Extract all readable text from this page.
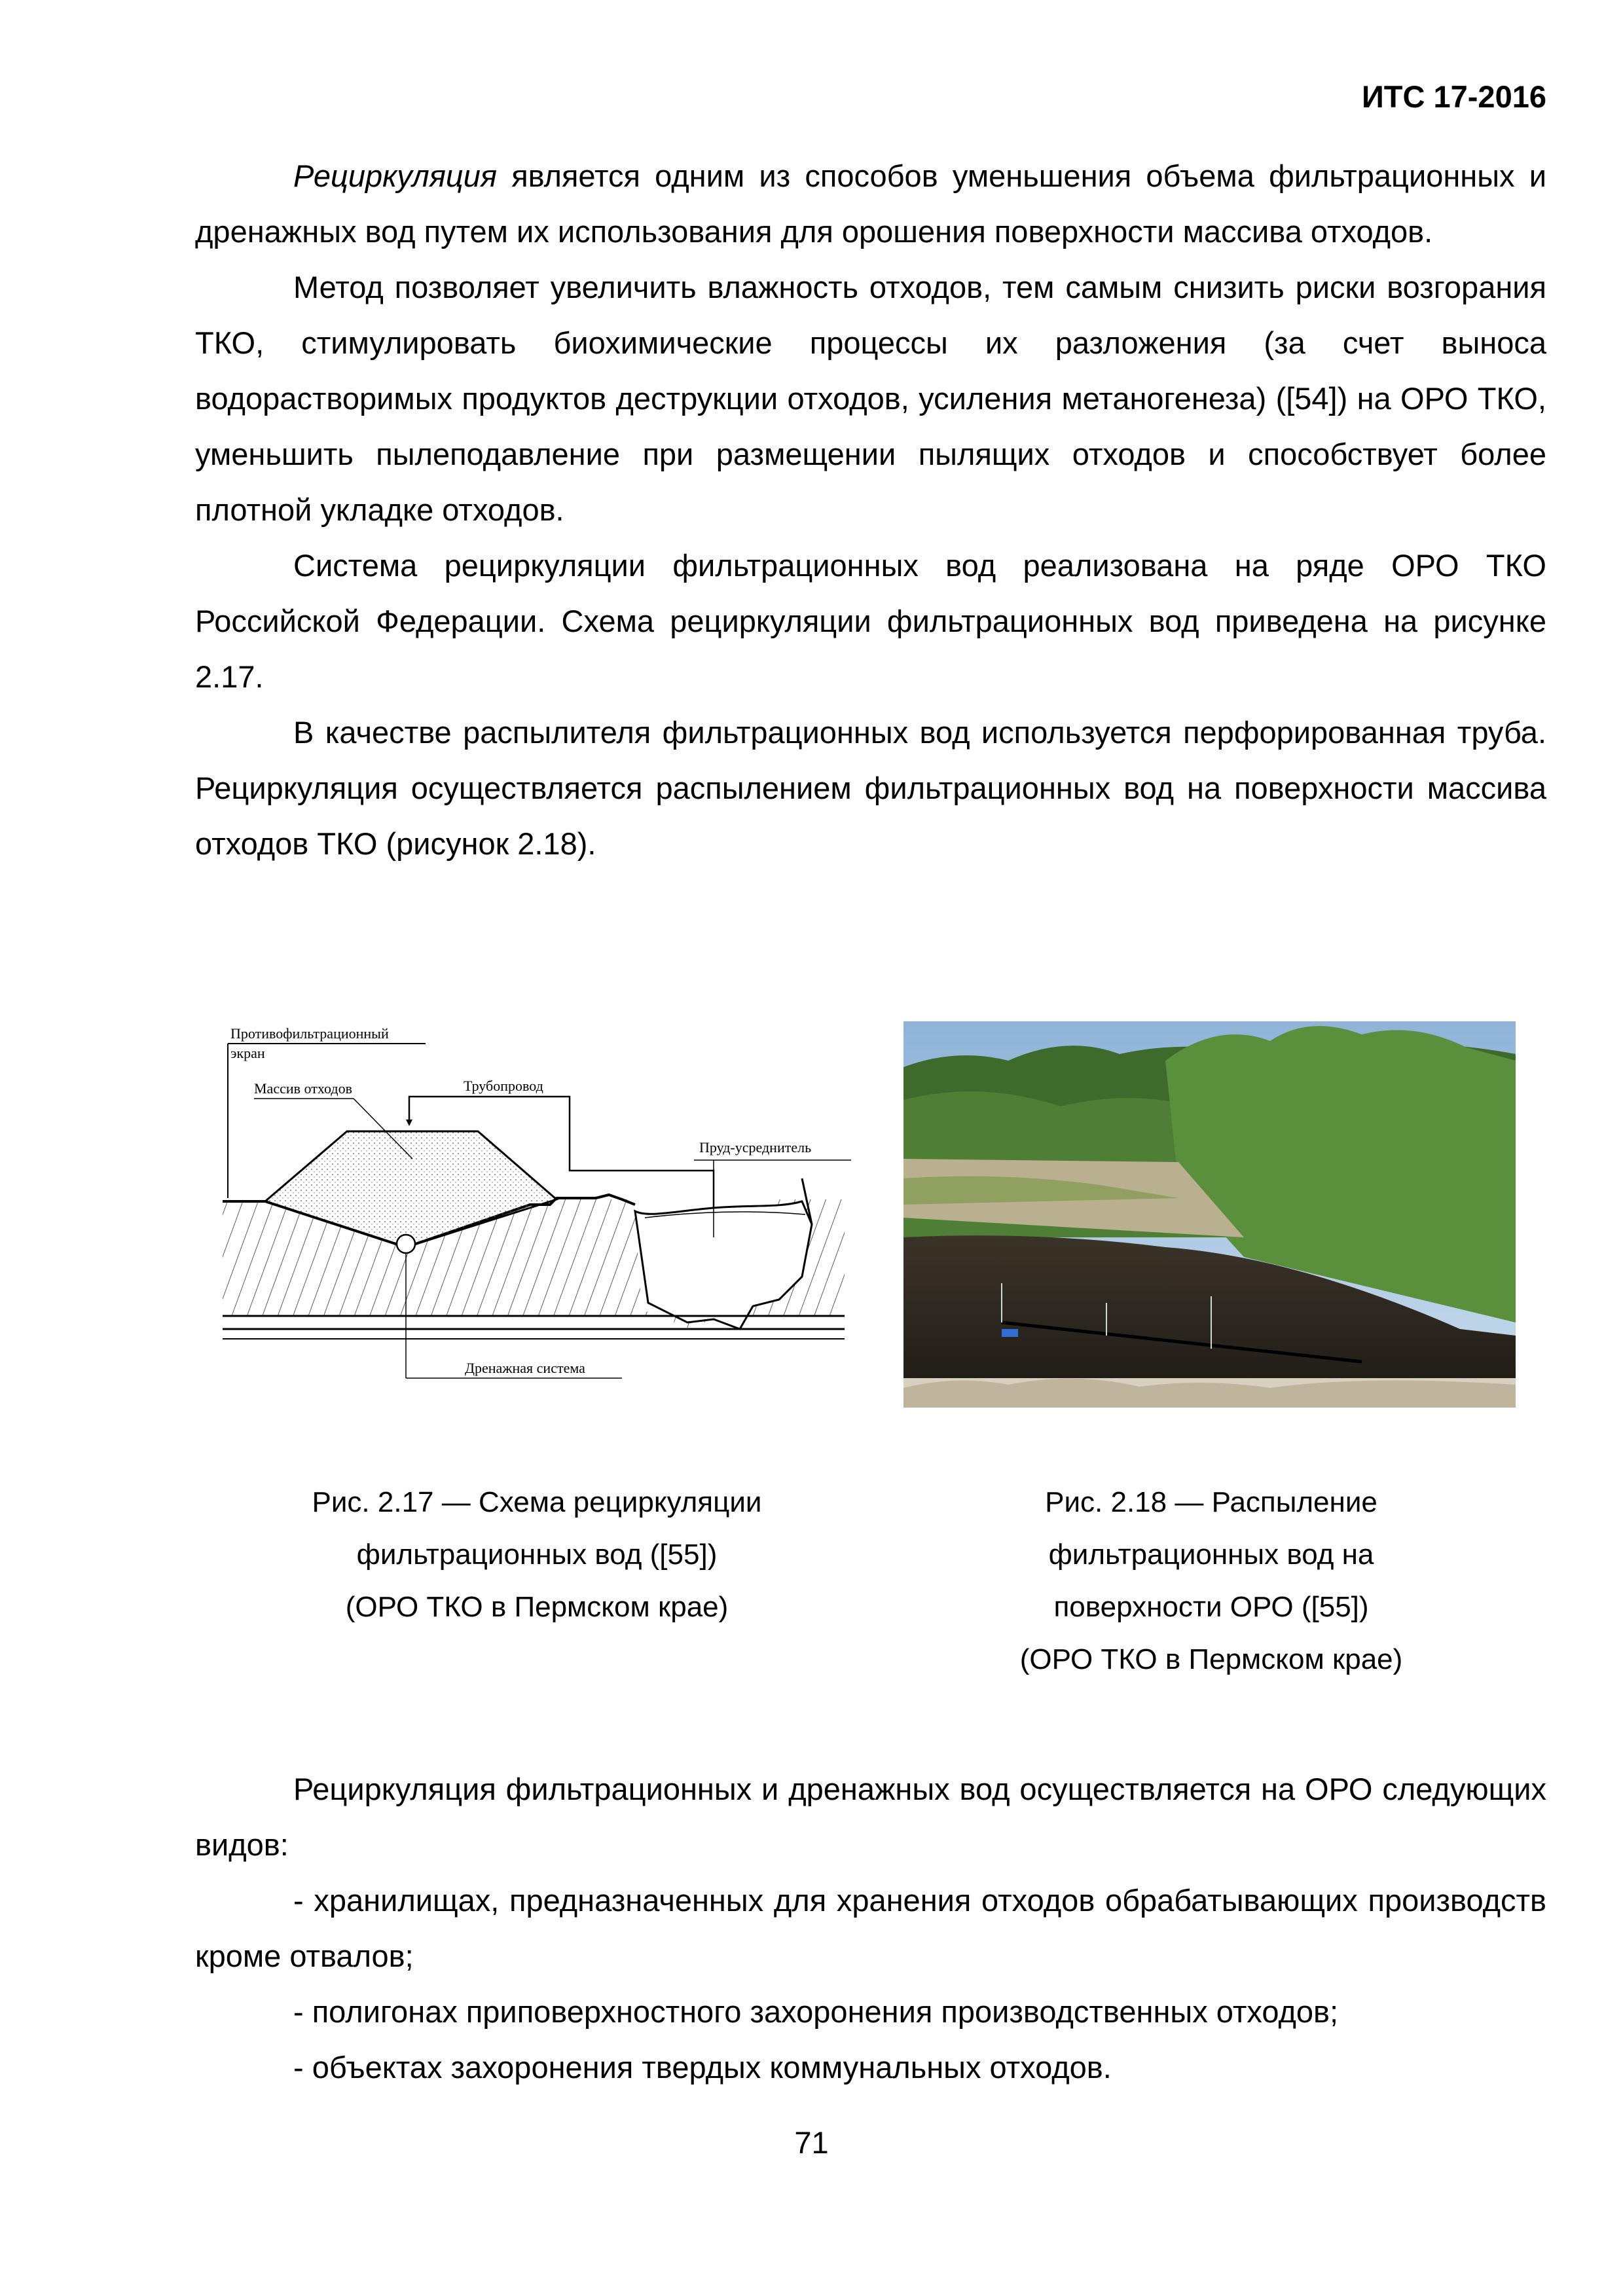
ИТС 17-2016

Рециркуляция является одним из способов уменьшения объема фильтрационных и дренажных вод путем их использования для орошения поверхности массива отходов.

Метод позволяет увеличить влажность отходов, тем самым снизить риски возгорания ТКО, стимулировать биохимические процессы их разложения (за счет выноса водорастворимых продуктов деструкции отходов, усиления метаногенеза) ([54]) на ОРО ТКО, уменьшить пылеподавление при размещении пылящих отходов и способствует более плотной укладке отходов.

Система рециркуляции фильтрационных вод реализована на ряде ОРО ТКО Российской Федерации. Схема рециркуляции фильтрационных вод приведена на рисунке 2.17.

В качестве распылителя фильтрационных вод используется перфорированная труба. Рециркуляция осуществляется распылением фильтрационных вод на поверхности массива отходов ТКО (рисунок 2.18).

Противофильтрационный
экран
Массив отходов	Трубопровод
Пруд-усреднитель
Дренажная система
Рис. 2.17 — Схема рециркуляции
фильтрационных вод ([55])
(ОРО ТКО в Пермском крае)
Рис. 2.18 — Распыление
фильтрационных вод на
поверхности ОРО ([55])
(ОРО ТКО в Пермском крае)

Рециркуляция фильтрационных и дренажных вод осуществляется на ОРО следующих видов:

- хранилищах, предназначенных для хранения отходов обрабатывающих производств кроме отвалов;

- полигонах приповерхностного захоронения производственных отходов;

- объектах захоронения твердых коммунальных отходов.

71
